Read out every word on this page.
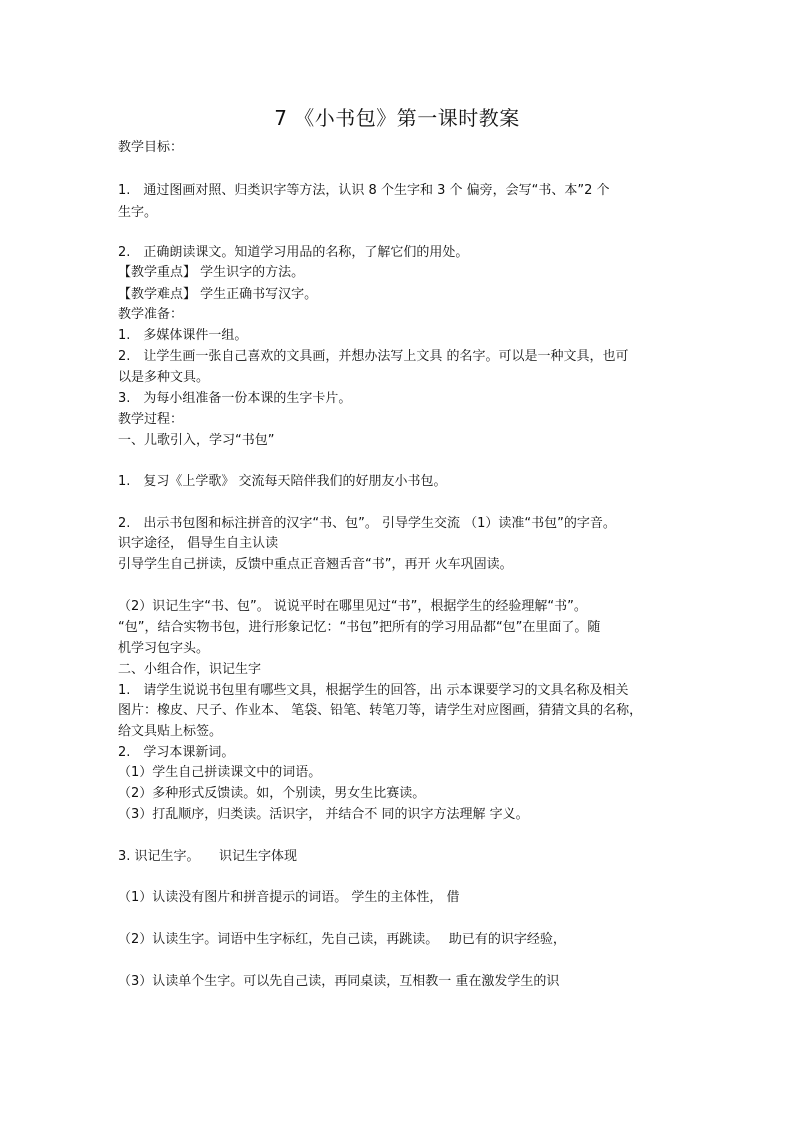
7 《小书包》第一课时教案
教学目标：
1.　通过图画对照、归类识字等方法，认识 8 个生字和 3 个 偏旁，会写“书、本”2 个
生字。
2.　正确朗读课文。知道学习用品的名称，了解它们的用处。
【教学重点】 学生识字的方法。
【教学难点】 学生正确书写汉字。
教学准备：
1.　多媒体课件一组。
2.　让学生画一张自己喜欢的文具画，并想办法写上文具 的名字。可以是一种文具，也可
以是多种文具。
3.　为每小组准备一份本课的生字卡片。
教学过程：
一、儿歌引入，学习“书包”
1.　复习《上学歌》 交流每天陪伴我们的好朋友小书包。
2.　出示书包图和标注拼音的汉字“书、包”。 引导学生交流 （1）读准“书包”的字音。
识字途径， 倡导生自主认读
引导学生自己拼读，反馈中重点正音翘舌音“书”，再开 火车巩固读。
（2）识记生字“书、包”。 说说平时在哪里见过“书”，根据学生的经验理解“书”。
“包”，结合实物书包，进行形象记忆：“书包”把所有的学习用品都“包”在里面了。随
机学习包字头。
二、小组合作，识记生字
1.　请学生说说书包里有哪些文具，根据学生的回答，出 示本课要学习的文具名称及相关
图片：橡皮、尺子、作业本、 笔袋、铅笔、转笔刀等，请学生对应图画，猜猜文具的名称，
给文具贴上标签。
2.　学习本课新词。
（1）学生自己拼读课文中的词语。
（2）多种形式反馈读。如，个别读，男女生比赛读。
（3）打乱顺序，归类读。活识字， 并结合不 同的识字方法理解 字义。
3. 识记生字。　　识记生字体现
（1）认读没有图片和拼音提示的词语。 学生的主体性， 借
（2）认读生字。词语中生字标红，先自己读，再跳读。　 助已有的识字经验，
（3）认读单个生字。可以先自己读，再同桌读，互相教一 重在激发学生的识
